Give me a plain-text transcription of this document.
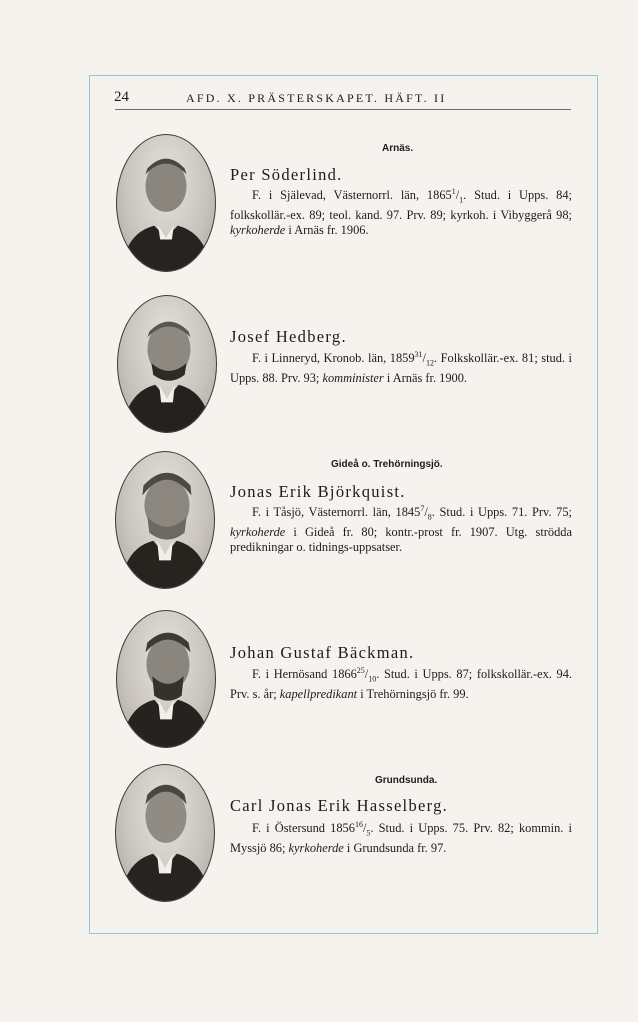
24	AFD. X. PRÄSTERSKAPET. HÄFT. II
Arnäs.
Per Söderlind.

F. i Själevad, Västernorrl. län, $1865^1/_1$. Stud. i Upps. 84; folkskollär.-ex. 89; teol. kand. 97. Prv. 89; kyrkoh. i Vibyggerå 98; kyrkoherde i Arnäs fr. 1906.

Josef Hedberg.

F. i Linneryd, Kronob. län, $1859^{31}/_{12}$. Folkskollär.-ex. 81; stud. i Upps. 88. Prv. 93; komminister i Arnäs fr. 1900.

Gideå o. Trehörningsjö.
Jonas Erik Björkquist.

F. i Tåsjö, Västernorrl. län, $1845^7/_8$. Stud. i Upps. 71. Prv. 75; kyrkoherde i Gideå fr. 80; kontr.-prost fr. 1907. Utg. strödda predikningar o. tidnings-uppsatser.

Johan Gustaf Bäckman.

F. i Hernösand $1866^{25}/_{10}$. Stud. i Upps. 87; folkskollär.-ex. 94. Prv. s. år; kapellpredikant i Trehörningsjö fr. 99.

Grundsunda.
Carl Jonas Erik Hasselberg.

F. i Östersund $1856^{16}/_5$. Stud. i Upps. 75. Prv. 82; kommin. i Myssjö 86; kyrkoherde i Grundsunda fr. 97.
